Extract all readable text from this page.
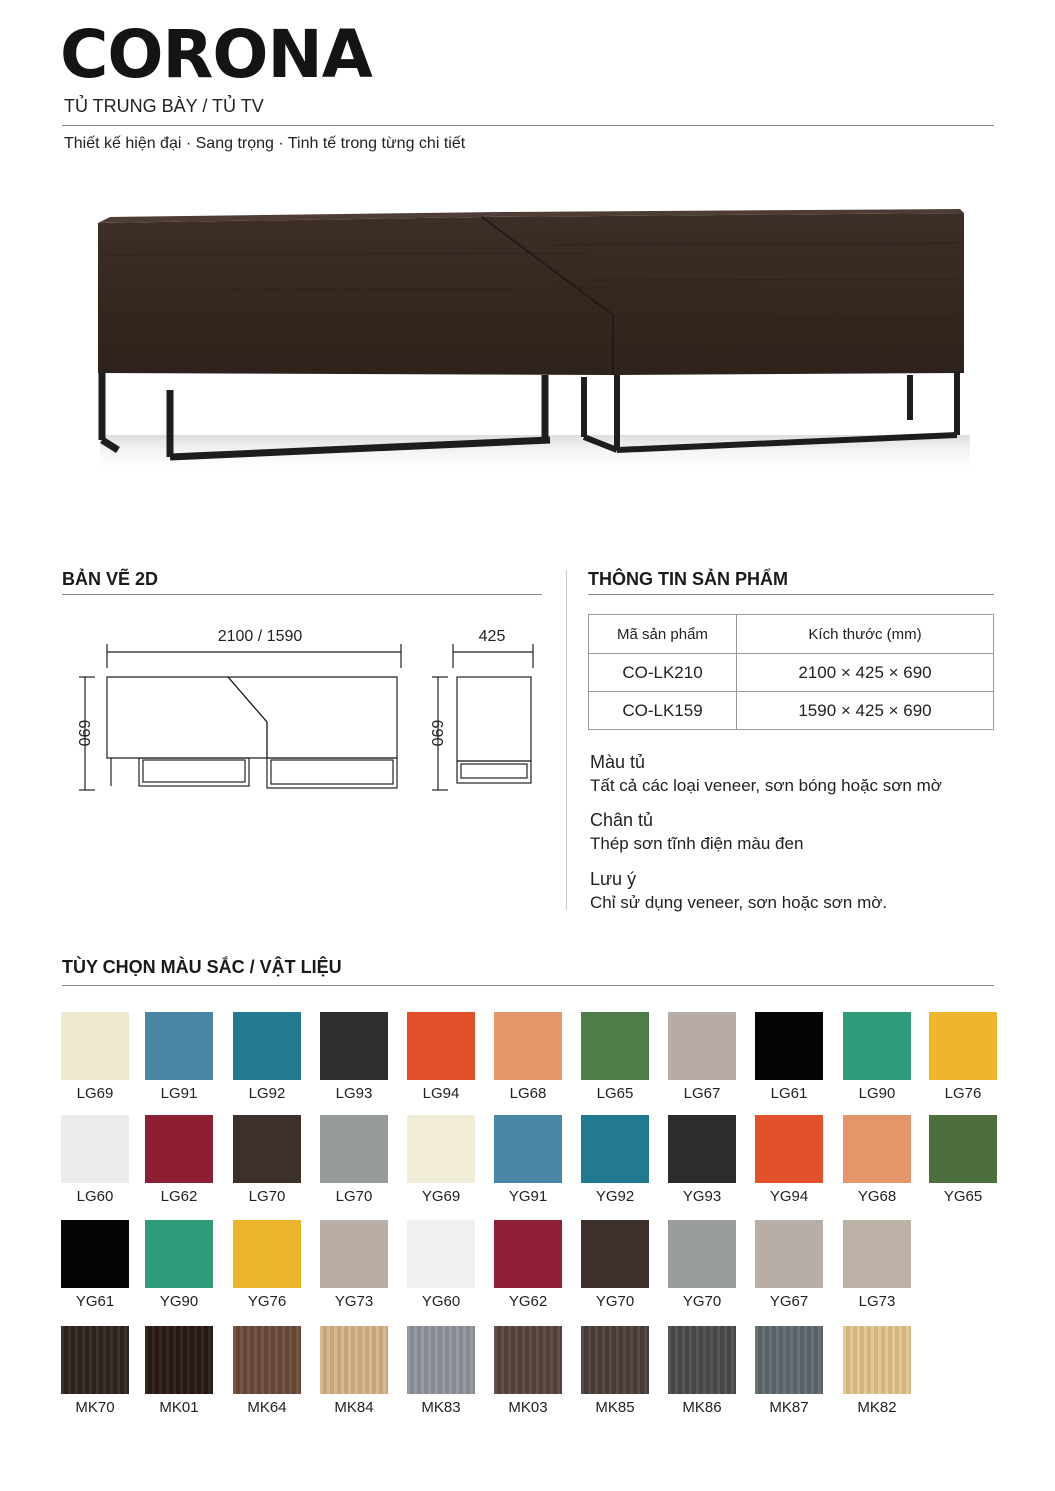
CORONA
TỦ TRUNG BÀY / TỦ TV
Thiết kế hiện đại · Sang trọng · Tinh tế trong từng chi tiết
BẢN VẼ 2D
2100 / 1590	425
690	690
THÔNG TIN SẢN PHẨM
Mã sản phẩm	Kích thước (mm)
CO-LK210	2100 × 425 × 690
CO-LK159	1590 × 425 × 690
Màu tủ
Tất cả các loại veneer, sơn bóng hoặc sơn mờ
Chân tủ
Thép sơn tĩnh điện màu đen
Lưu ý
Chỉ sử dụng veneer, sơn hoặc sơn mờ.
TÙY CHỌN MÀU SẮC / VẬT LIỆU
LG69	LG91	LG92	LG93	LG94	LG68	LG65	LG67	LG61	LG90	LG76
LG60	LG62	LG70	LG70	YG69	YG91	YG92	YG93	YG94	YG68	YG65
YG61	YG90	YG76	YG73	YG60	YG62	YG70	YG70	YG67	LG73
MK70	MK01	MK64	MK84	MK83	MK03	MK85	MK86	MK87	MK82
